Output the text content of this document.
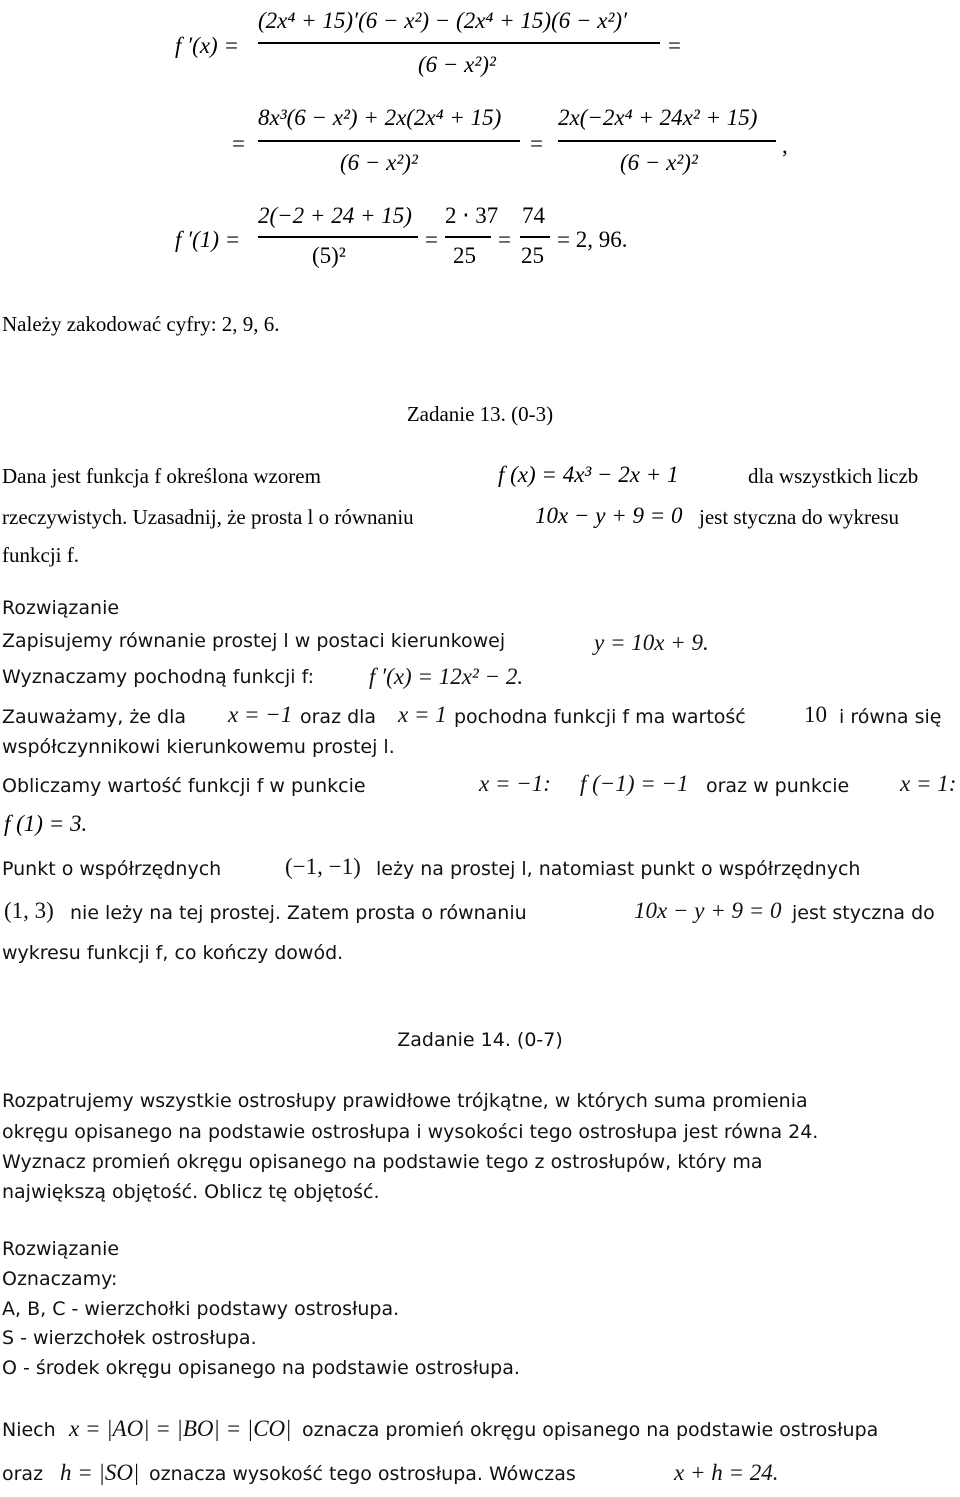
f ′(x) =
(2x⁴ + 15)′(6 − x²) − (2x⁴ + 15)(6 − x²)′
(6 − x²)²
=
=
8x³(6 − x²) + 2x(2x⁴ + 15)
(6 − x²)²
=
2x(−2x⁴ + 24x² + 15)
(6 − x²)²
,
f ′(1) =
2(−2 + 24 + 15)
(5)²
=
2 ⋅ 37
25
=
74
25
= 2, 96.
Należy zakodować cyfry: 2, 9, 6.
Zadanie 13. (0-3)
Dana jest funkcja f określona wzorem	f (x) = 4x³ − 2x + 1	dla wszystkich liczb
rzeczywistych. Uzasadnij, że prosta l o równaniu	10x − y + 9 = 0 jest styczna do wykresu
funkcji f.
Rozwiązanie
Zapisujemy równanie prostej l w postaci kierunkowej	y = 10x + 9.
Wyznaczamy pochodną funkcji f: f ′(x) = 12x² − 2.
Zauważamy, że dla x = −1 oraz dla x = 1 pochodna funkcji f ma wartość	10 i równa się
współczynnikowi kierunkowemu prostej l.
Obliczamy wartość funkcji f w punkcie	x = −1: f (−1) = −1 oraz w punkcie x = 1:
f (1) = 3.
Punkt o współrzędnych	(−1, −1) leży na prostej l, natomiast punkt o współrzędnych
(1, 3) nie leży na tej prostej. Zatem prosta o równaniu	10x − y + 9 = 0 jest styczna do
wykresu funkcji f, co kończy dowód.
Zadanie 14. (0-7)
Rozpatrujemy wszystkie ostrosłupy prawidłowe trójkątne, w których suma promienia
okręgu opisanego na podstawie ostrosłupa i wysokości tego ostrosłupa jest równa 24.
Wyznacz promień okręgu opisanego na podstawie tego z ostrosłupów, który ma
największą objętość. Oblicz tę objętość.
Rozwiązanie
Oznaczamy:
A, B, C - wierzchołki podstawy ostrosłupa.
S - wierzchołek ostrosłupa.
O - środek okręgu opisanego na podstawie ostrosłupa.
Niech x = |AO| = |BO| = |CO| oznacza promień okręgu opisanego na podstawie ostrosłupa
oraz h = |SO| oznacza wysokość tego ostrosłupa. Wówczas	x + h = 24.
